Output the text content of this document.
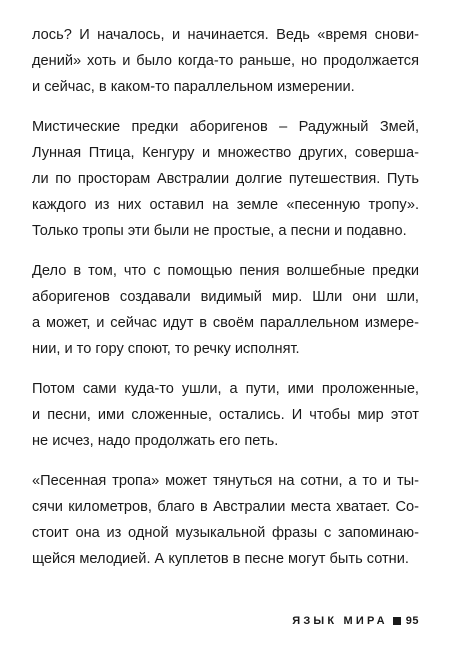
лось? И началось, и начинается. Ведь «время снови-
дений» хоть и было когда-то раньше, но продолжается
и сейчас, в каком-то параллельном измерении.

Мистические предки аборигенов – Радужный Змей,
Лунная Птица, Кенгуру и множество других, соверша-
ли по просторам Австралии долгие путешествия. Путь
каждого из них оставил на земле «песенную тропу».
Только тропы эти были не простые, а песни и подавно.

Дело в том, что с помощью пения волшебные предки
аборигенов создавали видимый мир. Шли они шли,
а может, и сейчас идут в своём параллельном измере-
нии, и то гору споют, то речку исполнят.

Потом сами куда-то ушли, а пути, ими проложенные,
и песни, ими сложенные, остались. И чтобы мир этот
не исчез, надо продолжать его петь.

«Песенная тропа» может тянуться на сотни, а то и ты-
сячи километров, благо в Австралии места хватает. Со-
стоит она из одной музыкальной фразы с запоминаю-
щейся мелодией. А куплетов в песне могут быть сотни.

ЯЗЫК МИРА 95
